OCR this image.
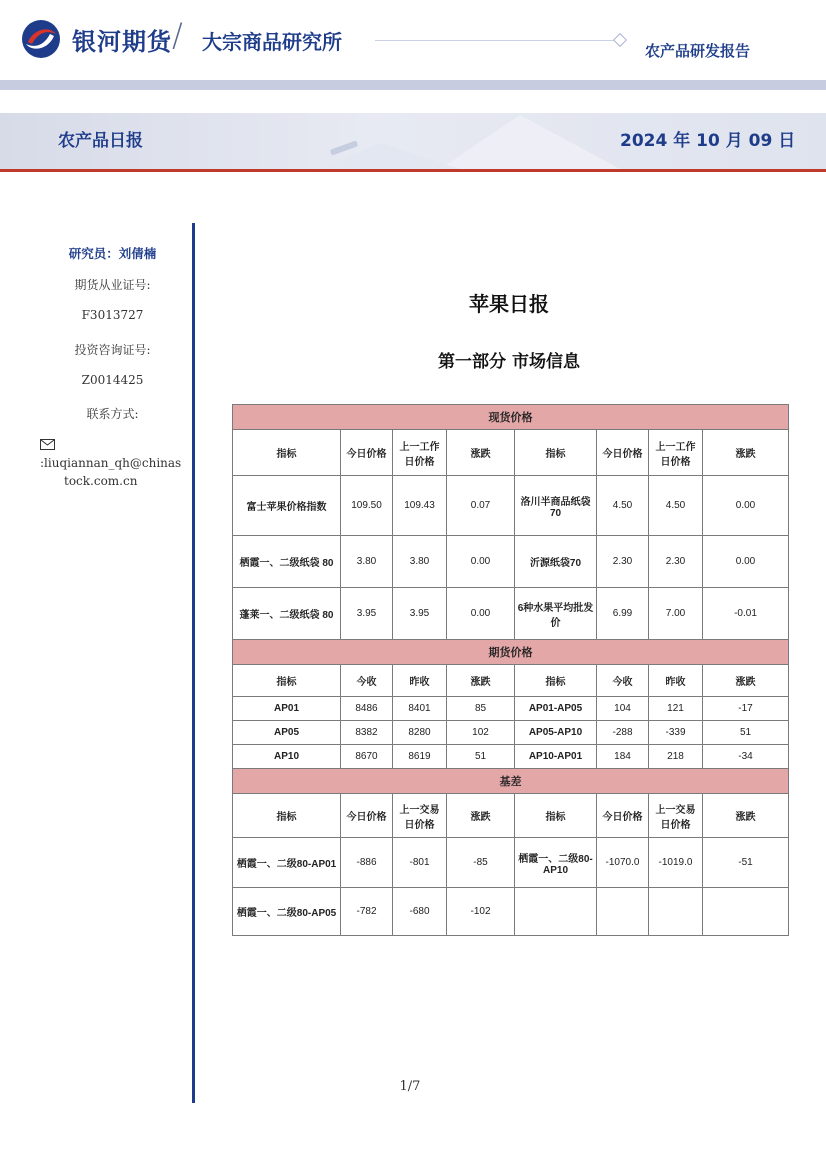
银河期货 / 大宗商品研究所	农产品研发报告
农产品日报	2024 年 10 月 09 日
研究员：刘倩楠
期货从业证号:
F3013727
投资咨询证号:
Z0014425
联系方式:
:liuqiannan_qh@chinas
tock.com.cn
苹果日报
第一部分 市场信息
现货价格							
指标	今日价格	上一工作日价格	涨跌	指标	今日价格	上一工作日价格	涨跌
富士苹果价格指数	109.50	109.43	0.07	洛川半商品纸袋70	4.50	4.50	0.00
栖霞一、二级纸袋 80	3.80	3.80	0.00	沂源纸袋70	2.30	2.30	0.00
蓬莱一、二级纸袋 80	3.95	3.95	0.00	6种水果平均批发价	6.99	7.00	-0.01
期货价格							
指标	今收	昨收	涨跌	指标	今收	昨收	涨跌
AP01	8486	8401	85	AP01-AP05	104	121	-17
AP05	8382	8280	102	AP05-AP10	-288	-339	51
AP10	8670	8619	51	AP10-AP01	184	218	-34
基差							
指标	今日价格	上一交易日价格	涨跌	指标	今日价格	上一交易日价格	涨跌
栖霞一、二级80-AP01	-886	-801	-85	栖霞一、二级80-AP10	-1070.0	-1019.0	-51
栖霞一、二级80-AP05	-782	-680	-102				
1/7
